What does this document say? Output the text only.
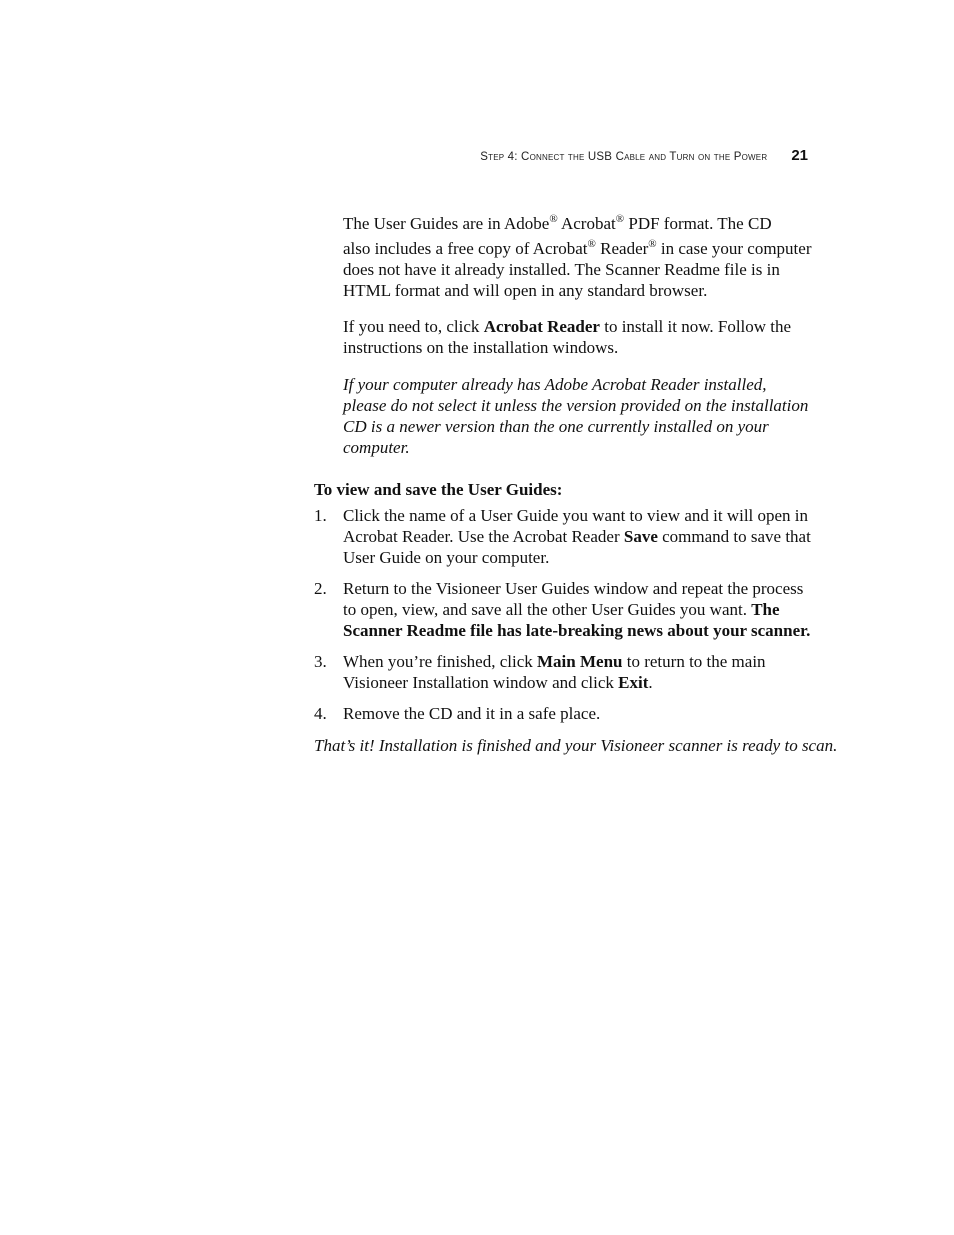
Step 4: Connect the USB Cable and Turn on the Power 21

The User Guides are in Adobe® Acrobat® PDF format. The CD
also includes a free copy of Acrobat® Reader® in case your computer does not have it already installed. The Scanner Readme file is in HTML format and will open in any standard browser.

If you need to, click Acrobat Reader to install it now. Follow the instructions on the installation windows.

If your computer already has Adobe Acrobat Reader installed, please do not select it unless the version provided on the installation CD is a newer version than the one currently installed on your computer.

To view and save the User Guides:

1. Click the name of a User Guide you want to view and it will open in Acrobat Reader. Use the Acrobat Reader Save command to save that User Guide on your computer.
2. Return to the Visioneer User Guides window and repeat the process to open, view, and save all the other User Guides you want. The Scanner Readme file has late-breaking news about your scanner.
3. When you’re finished, click Main Menu to return to the main Visioneer Installation window and click Exit.
4. Remove the CD and it in a safe place.

That’s it! Installation is finished and your Visioneer scanner is ready to scan.
